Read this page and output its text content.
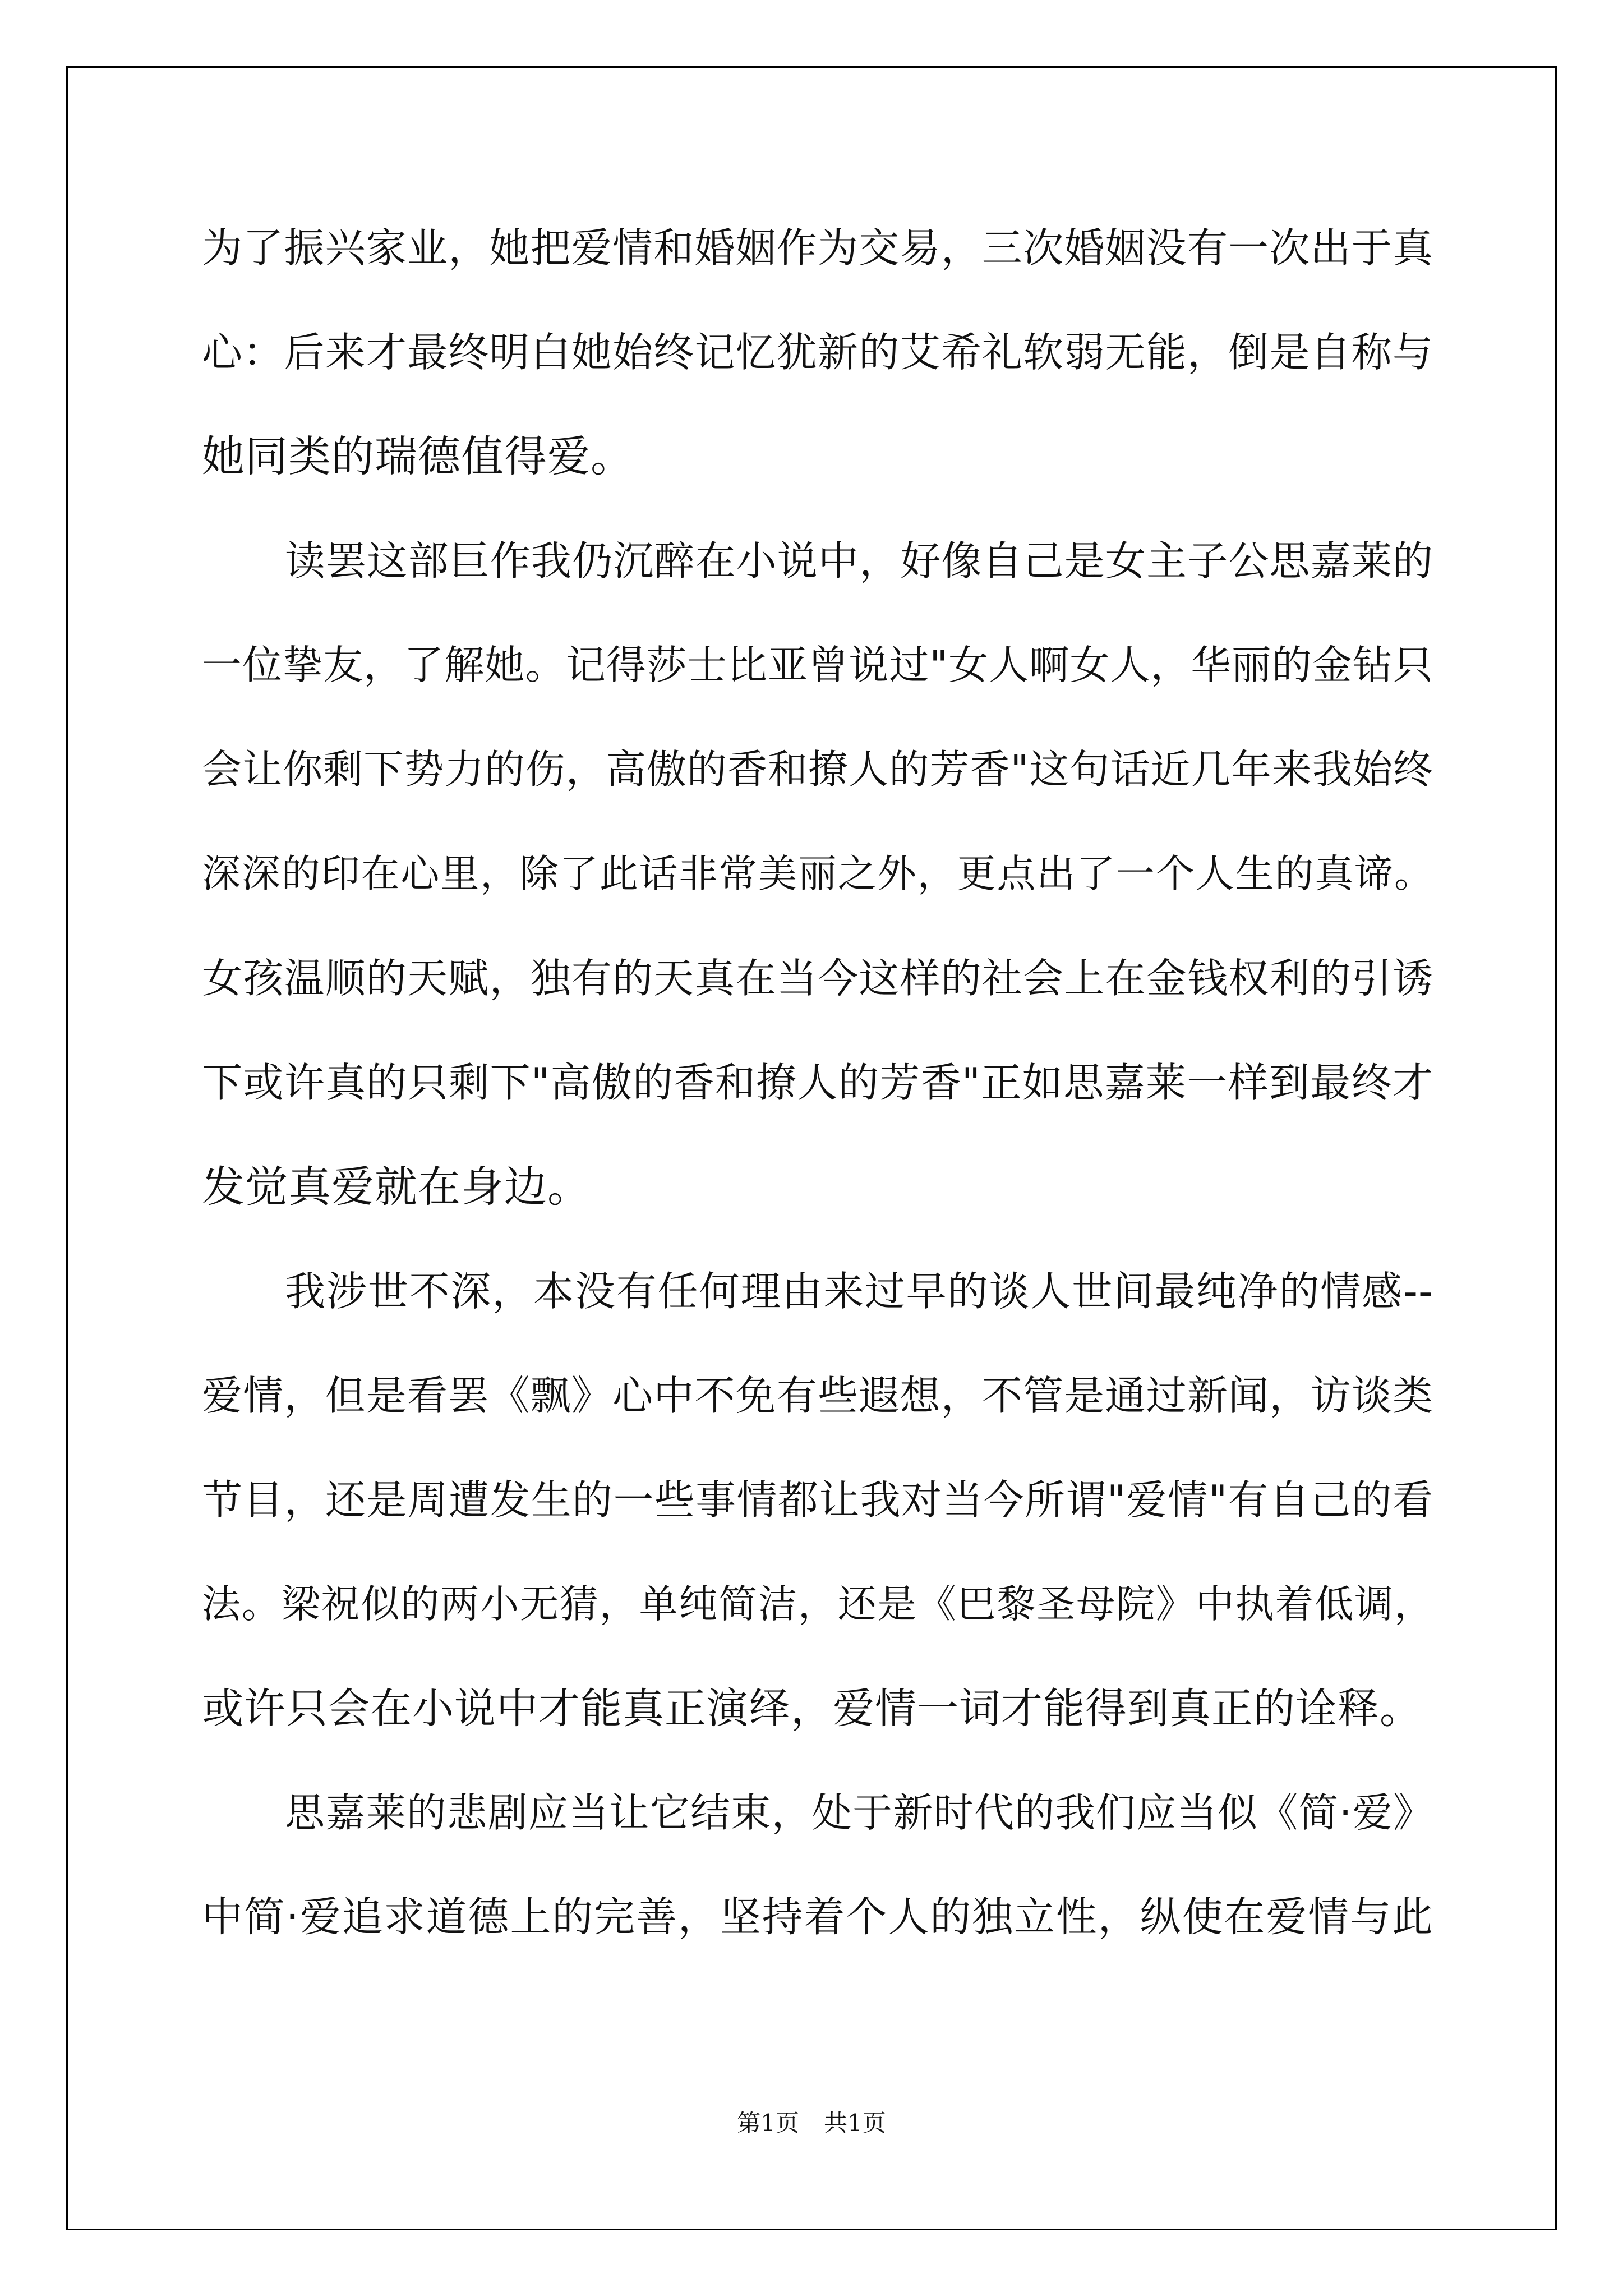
为了振兴家业，她把爱情和婚姻作为交易，三次婚姻没有一次出于真
心：后来才最终明白她始终记忆犹新的艾希礼软弱无能，倒是自称与
她同类的瑞德值得爱。
读罢这部巨作我仍沉醉在小说中，好像自己是女主子公思嘉莱的
一位挚友，了解她。记得莎士比亚曾说过"女人啊女人，华丽的金钻只
会让你剩下势力的伤，高傲的香和撩人的芳香"这句话近几年来我始终
深深的印在心里，除了此话非常美丽之外，更点出了一个人生的真谛。
女孩温顺的天赋，独有的天真在当今这样的社会上在金钱权利的引诱
下或许真的只剩下"高傲的香和撩人的芳香"正如思嘉莱一样到最终才
发觉真爱就在身边。
我涉世不深，本没有任何理由来过早的谈人世间最纯净的情感--
爱情，但是看罢《飘》心中不免有些遐想，不管是通过新闻，访谈类
节目，还是周遭发生的一些事情都让我对当今所谓"爱情"有自己的看
法。梁祝似的两小无猜，单纯简洁，还是《巴黎圣母院》中执着低调，
或许只会在小说中才能真正演绎，爱情一词才能得到真正的诠释。
思嘉莱的悲剧应当让它结束，处于新时代的我们应当似《简·爱》
中简·爱追求道德上的完善，坚持着个人的独立性，纵使在爱情与此
第1页 共1页
